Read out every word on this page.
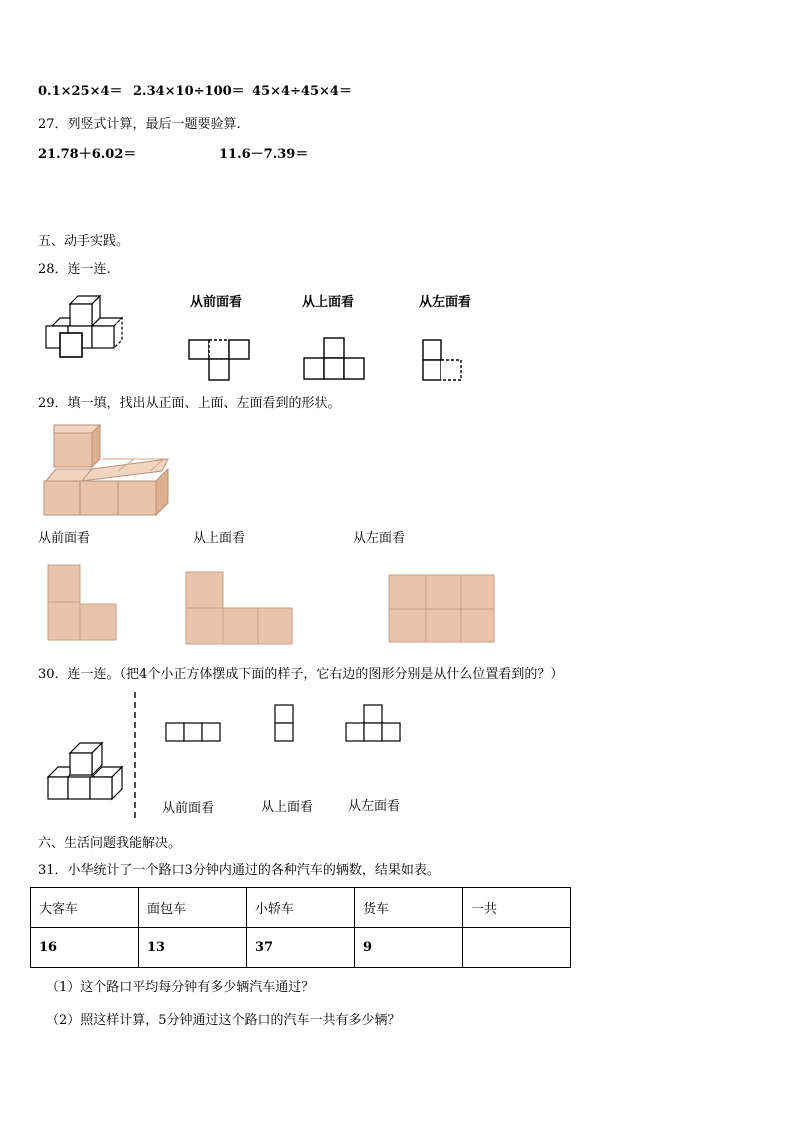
0.1×25×4＝ 2.34×10÷100＝ 45×4÷45×4＝
27．列竖式计算，最后一题要验算.
21.78＋6.02＝	11.6－7.39＝
五、动手实践。
28．连一连.
从前面看	从上面看	从左面看
29．填一填，找出从正面、上面、左面看到的形状。
从前面看	从上面看	从左面看
30．连一连。（把4个小正方体摆成下面的样子，它右边的图形分别是从什么位置看到的？）
从前面看	从上面看	从左面看
六、生活问题我能解决。
31．小华统计了一个路口3分钟内通过的各种汽车的辆数，结果如表。
大客车	面包车	小轿车	货车	一共
16	13	37	9	
（1）这个路口平均每分钟有多少辆汽车通过？
（2）照这样计算，5分钟通过这个路口的汽车一共有多少辆？
